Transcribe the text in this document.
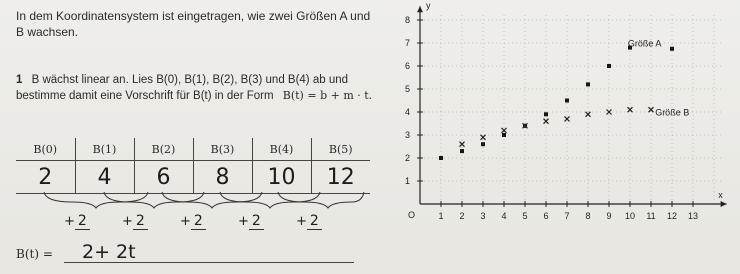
In dem Koordinatensystem ist eingetragen, wie zwei Größen A und B wachsen.
1 B wächst linear an. Lies B(0), B(1), B(2), B(3) und B(4) ab und bestimme damit eine Vorschrift für B(t) in der Form B(t) = b + m · t.
B(0)	B(1)	B(2)	B(3)	B(4)	B(5)
2	4	6	8	10	12
+ 2	+ 2	+ 2	+ 2	+ 2
B(t) =	2+ 2t
x
y
O	1 2 3 4 5 6 7 8 9 10 11 12 13
1
2
3
4
5
6
7
8
Größe A
Größe B
